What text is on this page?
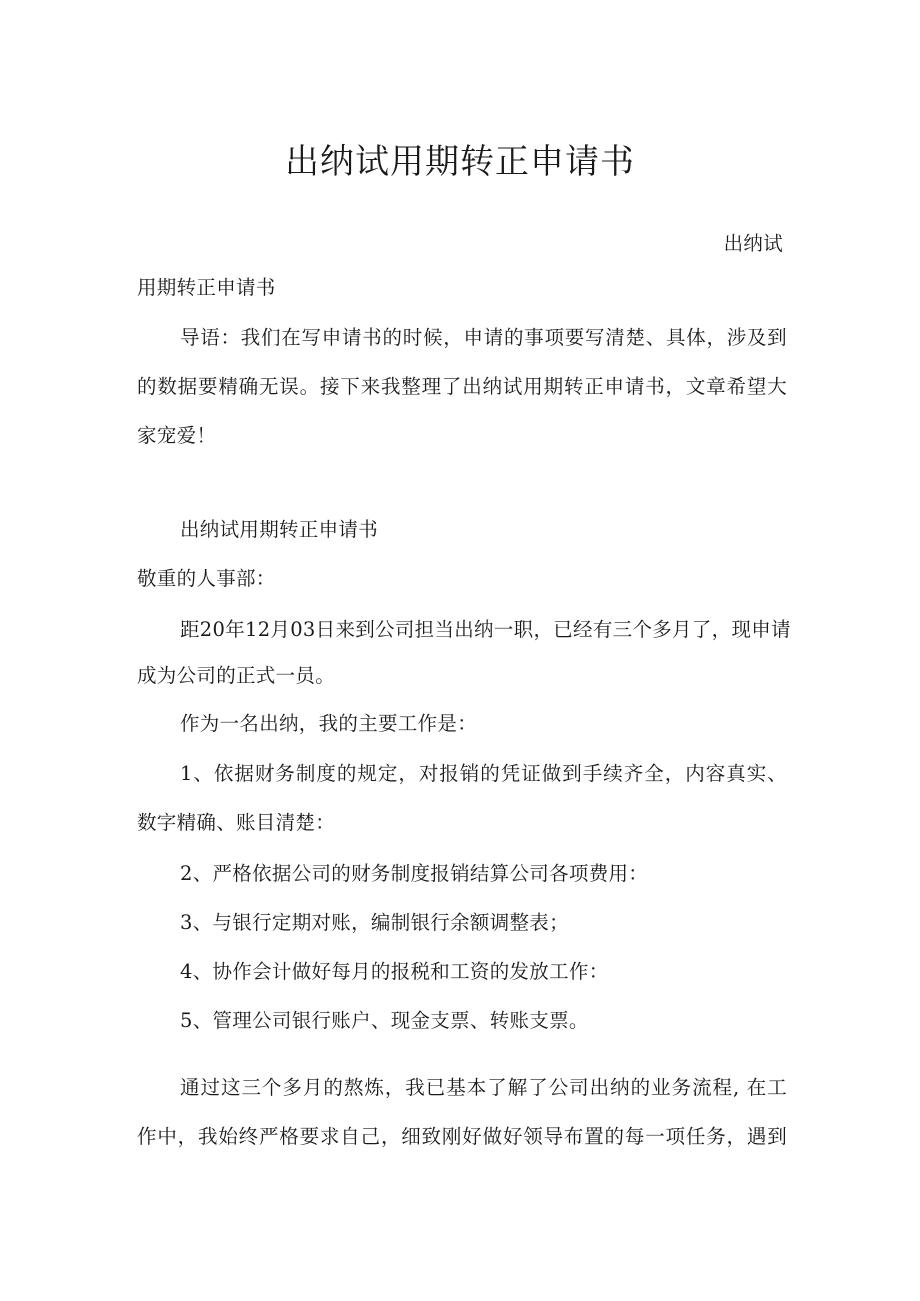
出纳试用期转正申请书
出纳试
用期转正申请书
导语：我们在写申请书的时候，申请的事项要写清楚、具体，涉及到
的数据要精确无误。接下来我整理了出纳试用期转正申请书，文章希望大
家宠爱！
出纳试用期转正申请书
敬重的人事部：
距20年12月03日来到公司担当出纳一职，已经有三个多月了，现申请
成为公司的正式一员。
作为一名出纳，我的主要工作是：
1、依据财务制度的规定，对报销的凭证做到手续齐全，内容真实、
数字精确、账目清楚：
2、严格依据公司的财务制度报销结算公司各项费用：
3、与银行定期对账，编制银行余额调整表；
4、协作会计做好每月的报税和工资的发放工作：
5、管理公司银行账户、现金支票、转账支票。
通过这三个多月的熬炼，我已基本了解了公司出纳的业务流程, 在工
作中，我始终严格要求自己，细致刚好做好领导布置的每一项任务，遇到
